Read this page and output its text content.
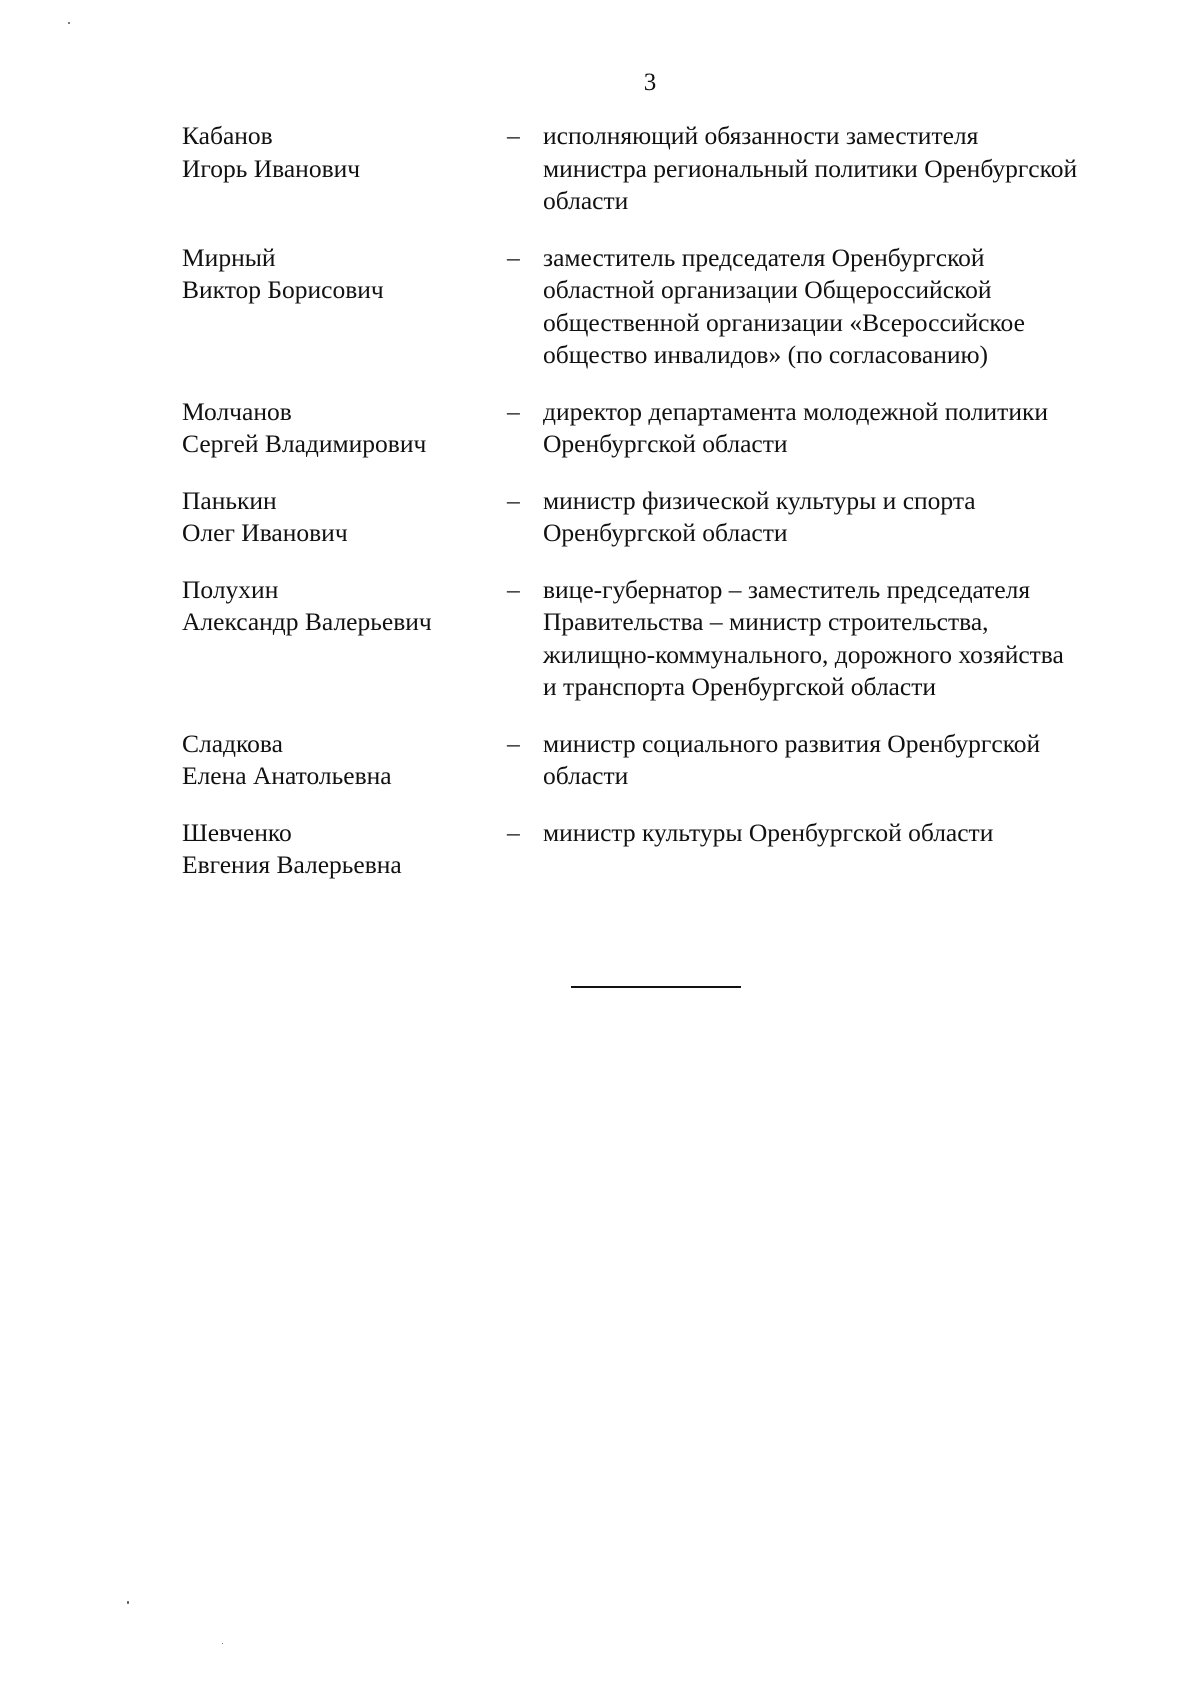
3
Кабанов
Игорь Иванович
– исполняющий обязанности заместителя
министра региональный политики Оренбургской
области
Мирный
Виктор Борисович
– заместитель председателя Оренбургской
областной организации Общероссийской
общественной организации «Всероссийское
общество инвалидов» (по согласованию)
Молчанов
Сергей Владимирович
– директор департамента молодежной политики
Оренбургской области
Панькин
Олег Иванович
– министр физической культуры и спорта
Оренбургской области
Полухин
Александр Валерьевич
– вице-губернатор – заместитель председателя
Правительства – министр строительства,
жилищно-коммунального, дорожного хозяйства
и транспорта Оренбургской области
Сладкова
Елена Анатольевна
– министр социального развития Оренбургской
области
Шевченко
Евгения Валерьевна
– министр культуры Оренбургской области
